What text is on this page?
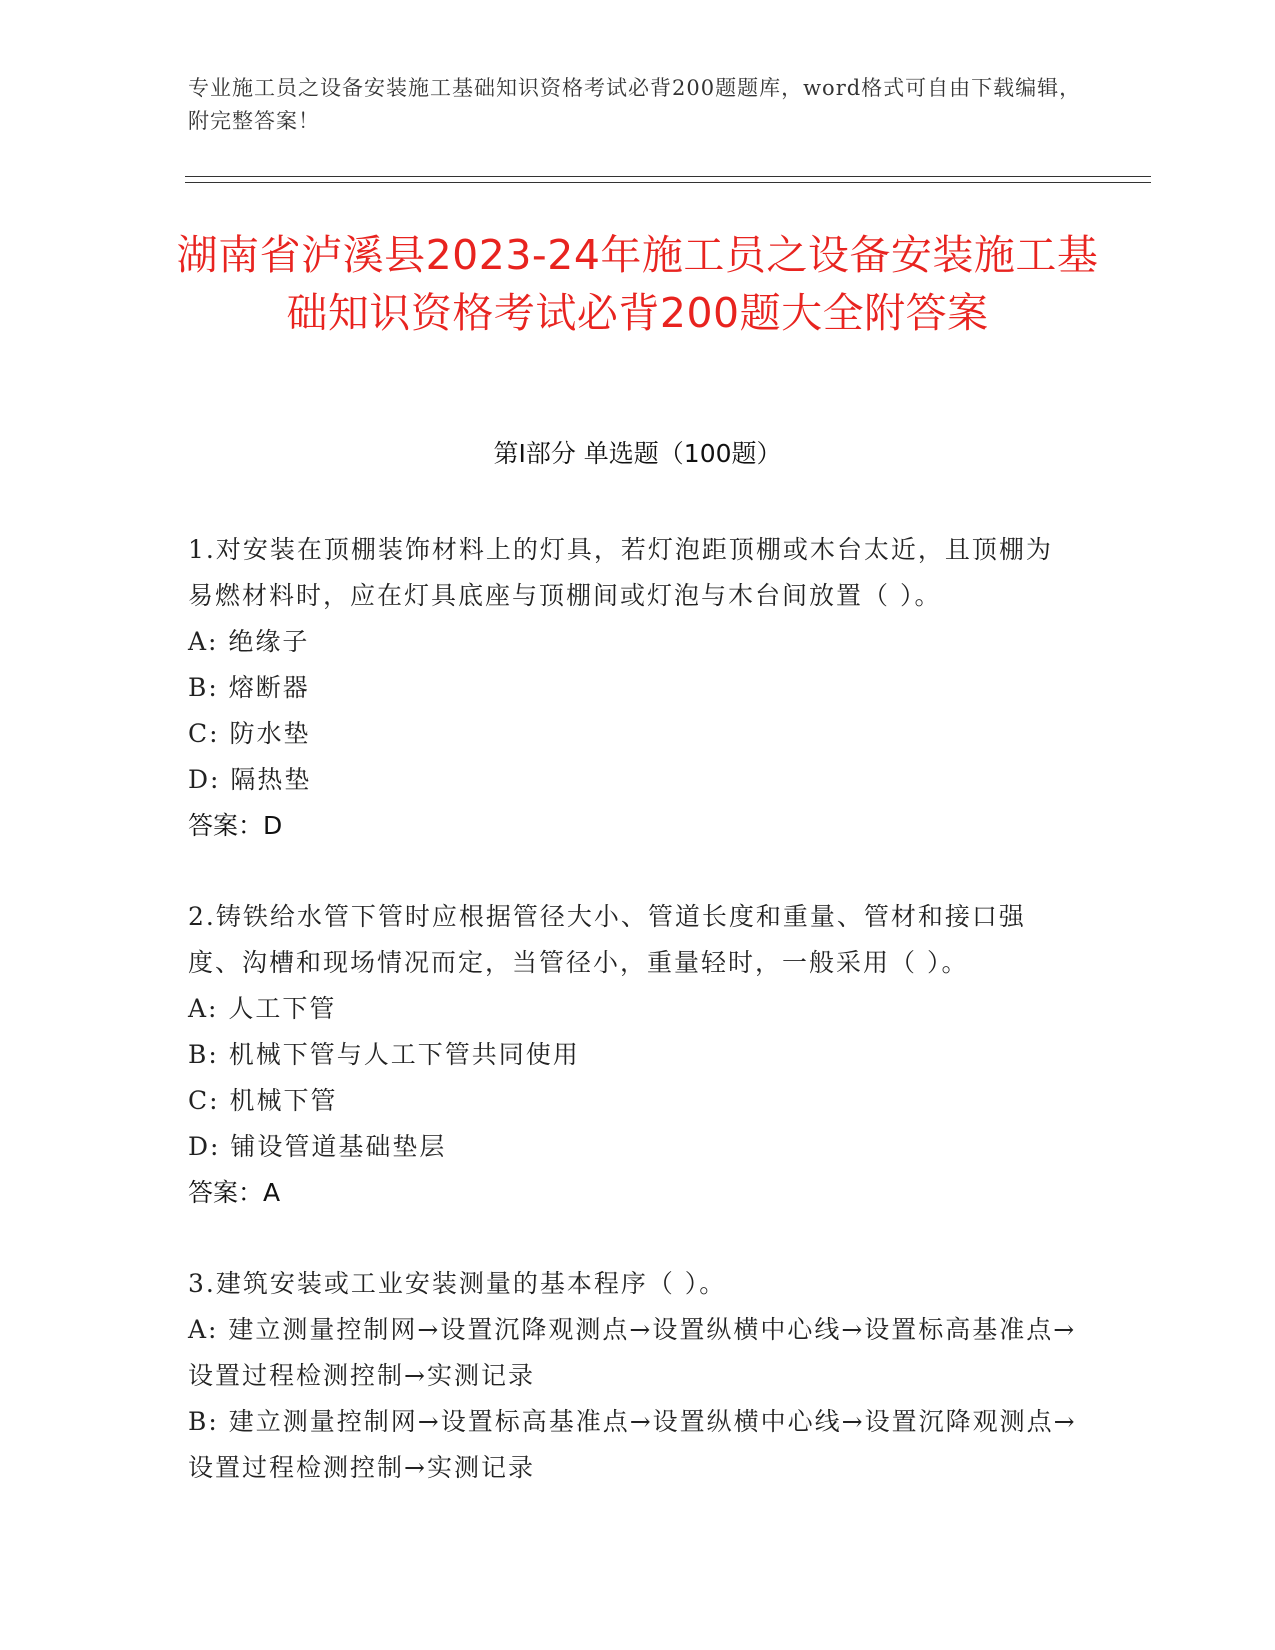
专业施工员之设备安装施工基础知识资格考试必背200题题库，word格式可自由下载编辑，附完整答案！
湖南省泸溪县2023-24年施工员之设备安装施工基础知识资格考试必背200题大全附答案
第I部分 单选题（100题）
1.对安装在顶棚装饰材料上的灯具，若灯泡距顶棚或木台太近，且顶棚为易燃材料时，应在灯具底座与顶棚间或灯泡与木台间放置（ ）。
A: 绝缘子
B: 熔断器
C: 防水垫
D: 隔热垫
答案：D
2.铸铁给水管下管时应根据管径大小、管道长度和重量、管材和接口强度、沟槽和现场情况而定，当管径小，重量轻时，一般采用（ ）。
A: 人工下管
B: 机械下管与人工下管共同使用
C: 机械下管
D: 铺设管道基础垫层
答案：A
3.建筑安装或工业安装测量的基本程序（ ）。
A: 建立测量控制网→设置沉降观测点→设置纵横中心线→设置标高基准点→设置过程检测控制→实测记录
B: 建立测量控制网→设置标高基准点→设置纵横中心线→设置沉降观测点→设置过程检测控制→实测记录
